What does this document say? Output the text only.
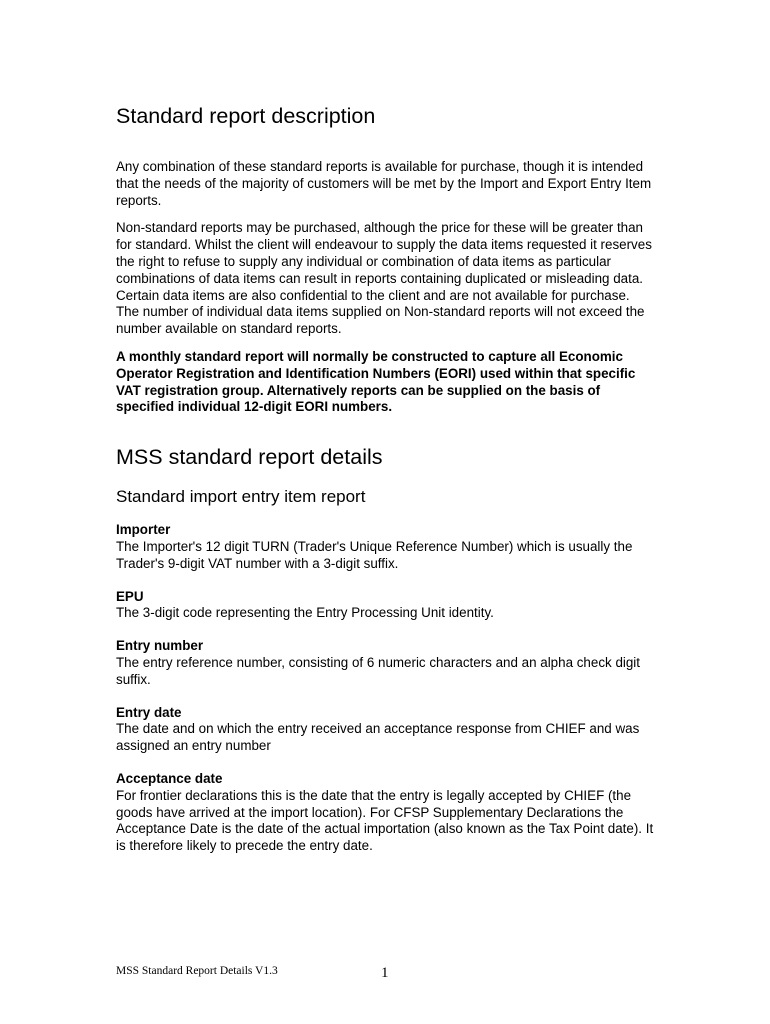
Standard report description

Any combination of these standard reports is available for purchase, though it is intended that the needs of the majority of customers will be met by the Import and Export Entry Item reports.

Non-standard reports may be purchased, although the price for these will be greater than for standard. Whilst the client will endeavour to supply the data items requested it reserves the right to refuse to supply any individual or combination of data items as particular combinations of data items can result in reports containing duplicated or misleading data. Certain data items are also confidential to the client and are not available for purchase. The number of individual data items supplied on Non-standard reports will not exceed the number available on standard reports.

A monthly standard report will normally be constructed to capture all Economic Operator Registration and Identification Numbers (EORI) used within that specific VAT registration group. Alternatively reports can be supplied on the basis of specified individual 12-digit EORI numbers.

MSS standard report details
Standard import entry item report
Importer
The Importer's 12 digit TURN (Trader's Unique Reference Number) which is usually the Trader's 9-digit VAT number with a 3-digit suffix.
EPU
The 3-digit code representing the Entry Processing Unit identity.
Entry number
The entry reference number, consisting of 6 numeric characters and an alpha check digit suffix.
Entry date
The date and on which the entry received an acceptance response from CHIEF and was assigned an entry number
Acceptance date
For frontier declarations this is the date that the entry is legally accepted by CHIEF (the goods have arrived at the import location). For CFSP Supplementary Declarations the Acceptance Date is the date of the actual importation (also known as the Tax Point date). It is therefore likely to precede the entry date.
MSS Standard Report Details V1.3	1
